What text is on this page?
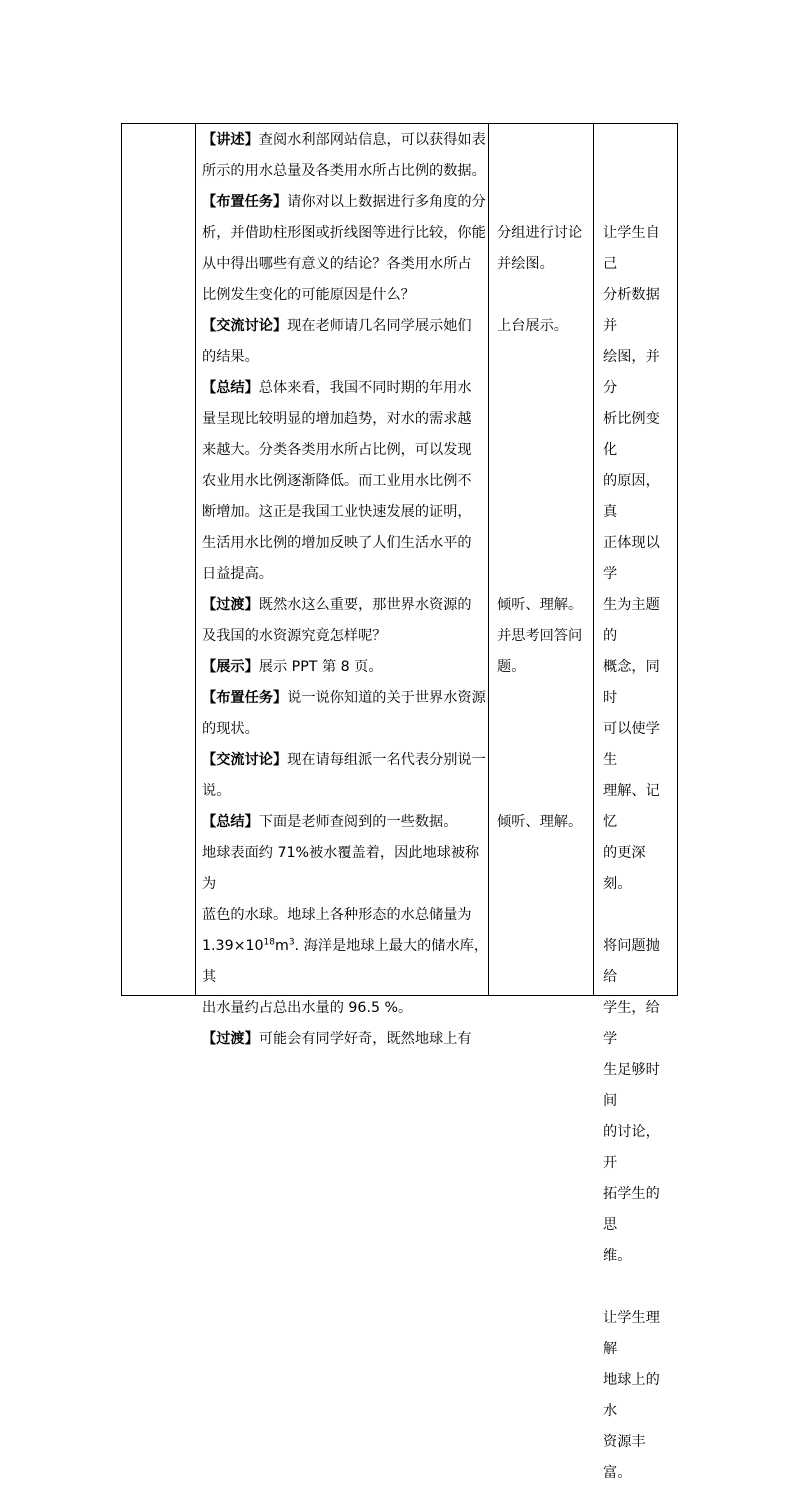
【讲述】查阅水利部网站信息，可以获得如表

所示的用水总量及各类用水所占比例的数据。

【布置任务】请你对以上数据进行多角度的分

析，并借助柱形图或折线图等进行比较，你能

从中得出哪些有意义的结论？各类用水所占

比例发生变化的可能原因是什么？

【交流讨论】现在老师请几名同学展示她们

的结果。

【总结】总体来看，我国不同时期的年用水

量呈现比较明显的增加趋势，对水的需求越

来越大。分类各类用水所占比例，可以发现

农业用水比例逐渐降低。而工业用水比例不

断增加。这正是我国工业快速发展的证明，

生活用水比例的增加反映了人们生活水平的

日益提高。

【过渡】既然水这么重要，那世界水资源的

及我国的水资源究竟怎样呢？

【展示】展示 PPT 第 8 页。

【布置任务】说一说你知道的关于世界水资源

的现状。

【交流讨论】现在请每组派一名代表分别说一

说。

【总结】下面是老师查阅到的一些数据。

地球表面约 71%被水覆盖着，因此地球被称为

蓝色的水球。地球上各种形态的水总储量为

$1.39\times 10^{18}m^3$. 海洋是地球上最大的储水库，其

出水量约占总出水量的 96.5 %。

【过渡】可能会有同学好奇，既然地球上有

分组进行讨论

并绘图。

上台展示。

倾听、理解。

并思考回答问

题。

倾听、理解。

让学生自己

分析数据并

绘图，并分

析比例变化

的原因，真

正体现以学

生为主题的

概念，同时

可以使学生

理解、记忆

的更深刻。

将问题抛给

学生，给学

生足够时间

的讨论，开

拓学生的思

维。

让学生理解

地球上的水

资源丰富。
